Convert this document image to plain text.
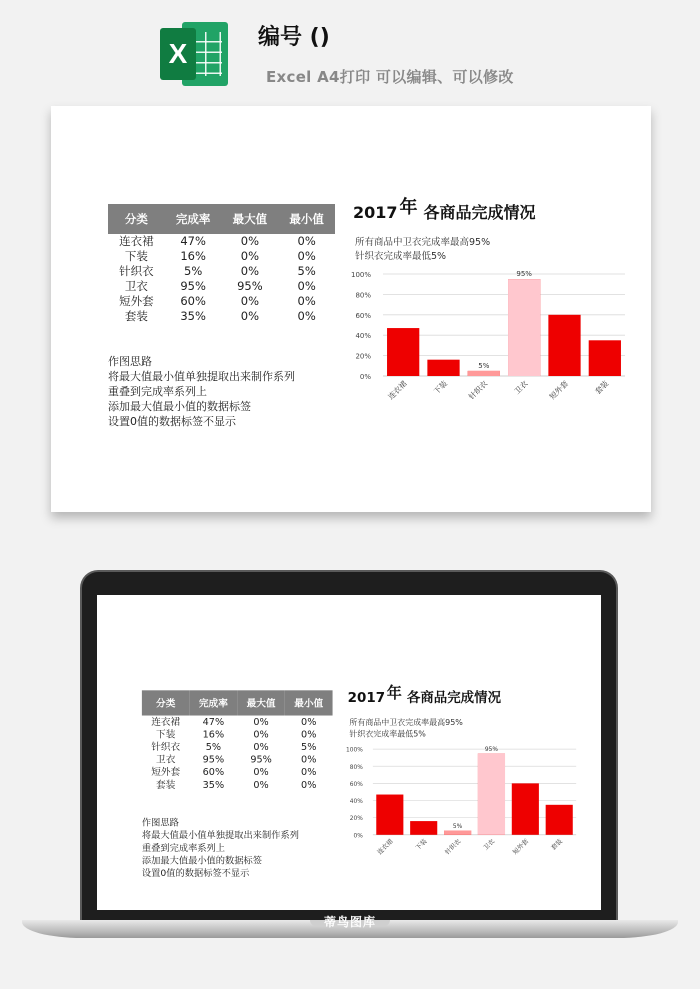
X
编号 ()
Excel A4打印 可以编辑、可以修改
分类	完成率	最大值	最小值
连衣裙	47%	0%	0%
下装	16%	0%	0%
针织衣	5%	0%	5%
卫衣	95%	95%	0%
短外套	60%	0%	0%
套装	35%	0%	0%
作图思路
将最大值最小值单独提取出来制作系列
重叠到完成率系列上
添加最大值最小值的数据标签
设置0值的数据标签不显示
2017 年 各商品完成情况
所有商品中卫衣完成率最高95%
针织衣完成率最低5%
0%
20%
40%
60%
80%
100%
连衣裙	下装
5%
针织衣
95%
卫衣 短外套	套装
分类	完成率	最大值	最小值
连衣裙	47%	0%	0%
下装	16%	0%	0%
针织衣	5%	0%	5%
卫衣	95%	95%	0%
短外套	60%	0%	0%
套装	35%	0%	0%
作图思路
将最大值最小值单独提取出来制作系列
重叠到完成率系列上
添加最大值最小值的数据标签
设置0值的数据标签不显示
2017年 各商品完成情况
所有商品中卫衣完成率最高95%
针织衣完成率最低5%
0%
20%
40%
60%
80%
100%
连衣裙	下装
5%
针织衣
95%
卫衣 短外套	套装
蒂鸟图库
